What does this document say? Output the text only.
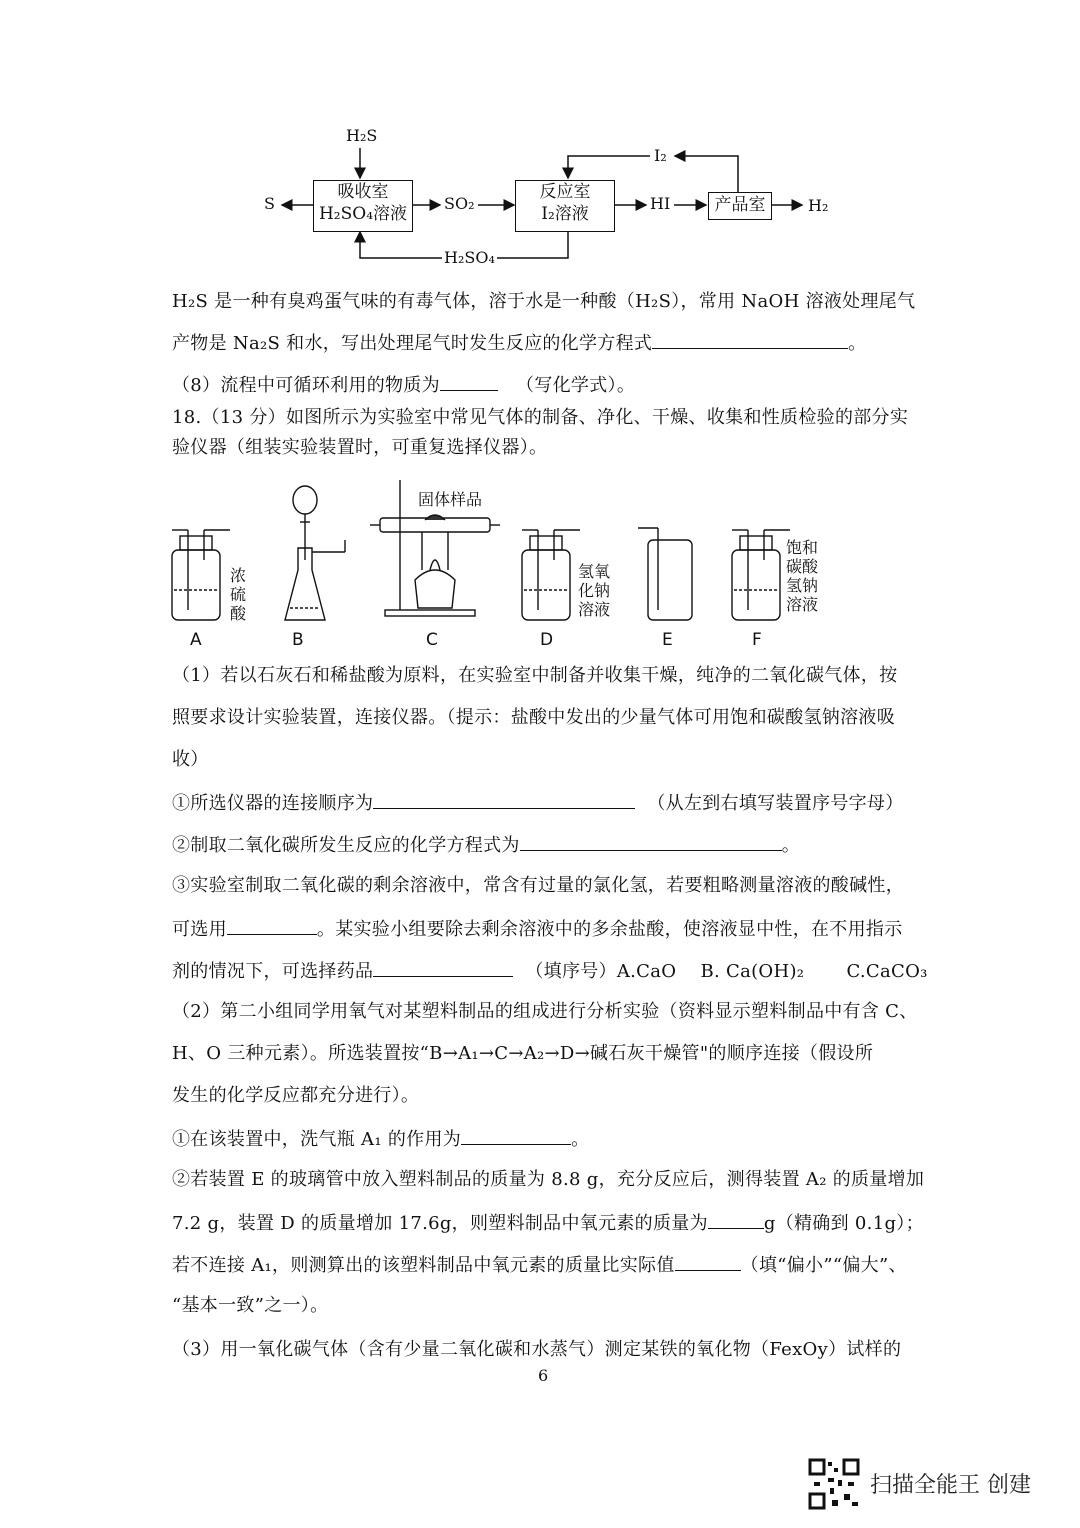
H₂S
S
吸收室
H₂SO₄溶液
SO₂
反应室
I₂溶液
I₂
HI	产品室	H₂
H₂SO₄
H₂S 是一种有臭鸡蛋气味的有毒气体，溶于水是一种酸（H₂S），常用 NaOH 溶液处理尾气
产物是 Na₂S 和水，写出处理尾气时发生反应的化学方程式	。
（8）流程中可循环利用的物质为	（写化学式）。
18.（13 分）如图所示为实验室中常见气体的制备、净化、干燥、收集和性质检验的部分实
验仪器（组装实验装置时，可重复选择仪器）。
固体样品
浓
硫
酸
氢氧
化钠
溶液
饱和
碳酸
氢钠
溶液
A	B	C	D	E	F
（1）若以石灰石和稀盐酸为原料，在实验室中制备并收集干燥，纯净的二氧化碳气体，按
照要求设计实验装置，连接仪器。（提示：盐酸中发出的少量气体可用饱和碳酸氢钠溶液吸
收）
①所选仪器的连接顺序为	（从左到右填写装置序号字母）
②制取二氧化碳所发生反应的化学方程式为	。
③实验室制取二氧化碳的剩余溶液中，常含有过量的氯化氢，若要粗略测量溶液的酸碱性，
可选用	。某实验小组要除去剩余溶液中的多余盐酸，使溶液显中性，在不用指示
剂的情况下，可选择药品	（填序号）A.CaO B. Ca(OH)₂ C.CaCO₃
（2）第二小组同学用氧气对某塑料制品的组成进行分析实验（资料显示塑料制品中有含 C、
H、O 三种元素）。所选装置按“B→A₁→C→A₂→D→碱石灰干燥管"的顺序连接（假设所
发生的化学反应都充分进行）。
①在该装置中，洗气瓶 A₁ 的作用为	。
②若装置 E 的玻璃管中放入塑料制品的质量为 8.8 g，充分反应后，测得装置 A₂ 的质量增加
7.2 g，装置 D 的质量增加 17.6g，则塑料制品中氧元素的质量为	g（精确到 0.1g）；
若不连接 A₁，则测算出的该塑料制品中氧元素的质量比实际值	（填“偏小”“偏大”、
“基本一致”之一）。
（3）用一氧化碳气体（含有少量二氧化碳和水蒸气）测定某铁的氧化物（FexOy）试样的
6
扫描全能王 创建
